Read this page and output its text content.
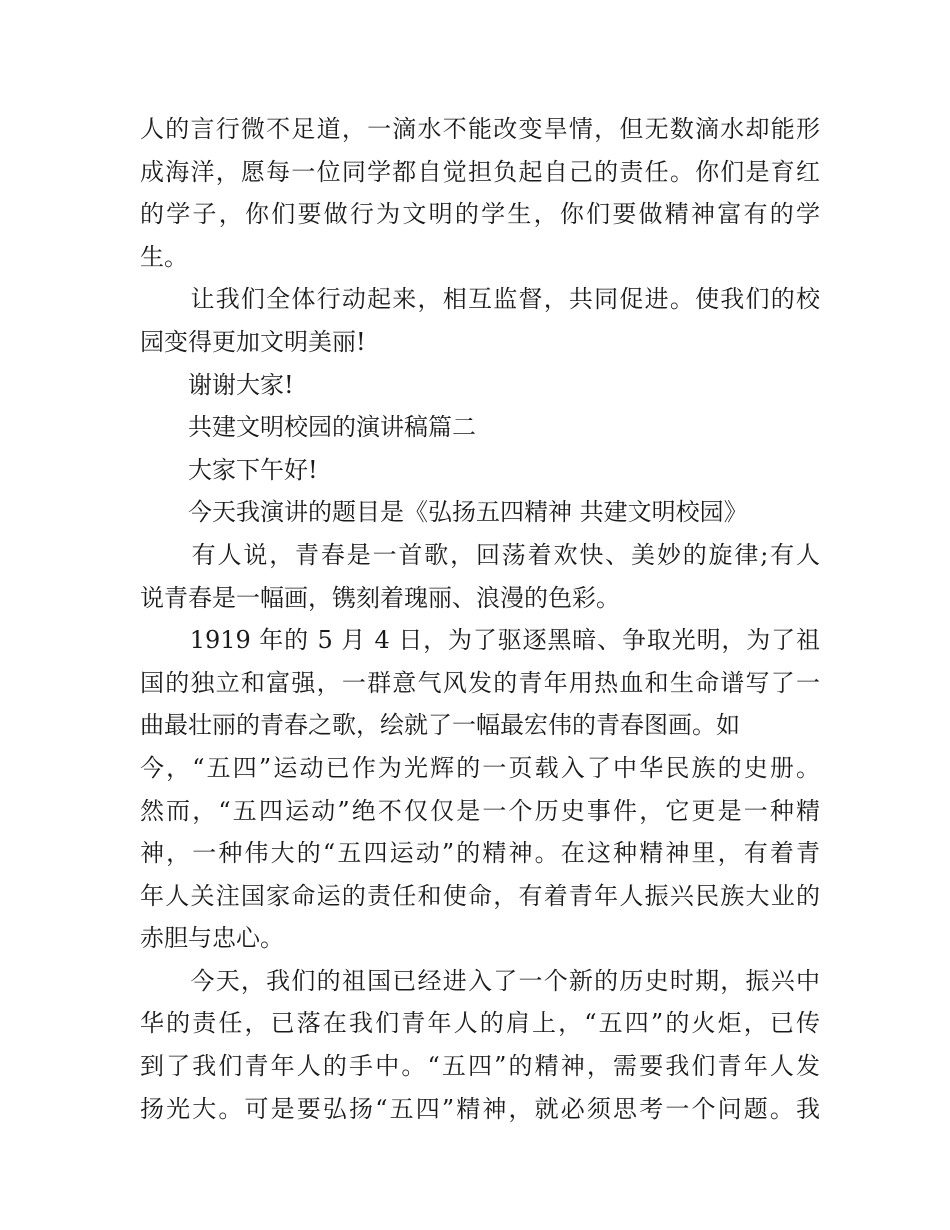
人的言行微不足道，一滴水不能改变旱情，但无数滴水却能形
成海洋，愿每一位同学都自觉担负起自己的责任。你们是育红
的学子，你们要做行为文明的学生，你们要做精神富有的学
生。
　　让我们全体行动起来，相互监督，共同促进。使我们的校
园变得更加文明美丽!
　　谢谢大家!
　　共建文明校园的演讲稿篇二
　　大家下午好!
　　今天我演讲的题目是《弘扬五四精神 共建文明校园》
　　有人说，青春是一首歌，回荡着欢快、美妙的旋律;有人
说青春是一幅画，镌刻着瑰丽、浪漫的色彩。
　　1919 年的 5 月 4 日，为了驱逐黑暗、争取光明，为了祖
国的独立和富强，一群意气风发的青年用热血和生命谱写了一
曲最壮丽的青春之歌，绘就了一幅最宏伟的青春图画。如
今，“五四”运动已作为光辉的一页载入了中华民族的史册。
然而，“五四运动”绝不仅仅是一个历史事件，它更是一种精
神，一种伟大的“五四运动”的精神。在这种精神里，有着青
年人关注国家命运的责任和使命，有着青年人振兴民族大业的
赤胆与忠心。
　　今天，我们的祖国已经进入了一个新的历史时期，振兴中
华的责任，已落在我们青年人的肩上，“五四”的火炬，已传
到了我们青年人的手中。“五四”的精神，需要我们青年人发
扬光大。可是要弘扬“五四”精神，就必须思考一个问题。我
